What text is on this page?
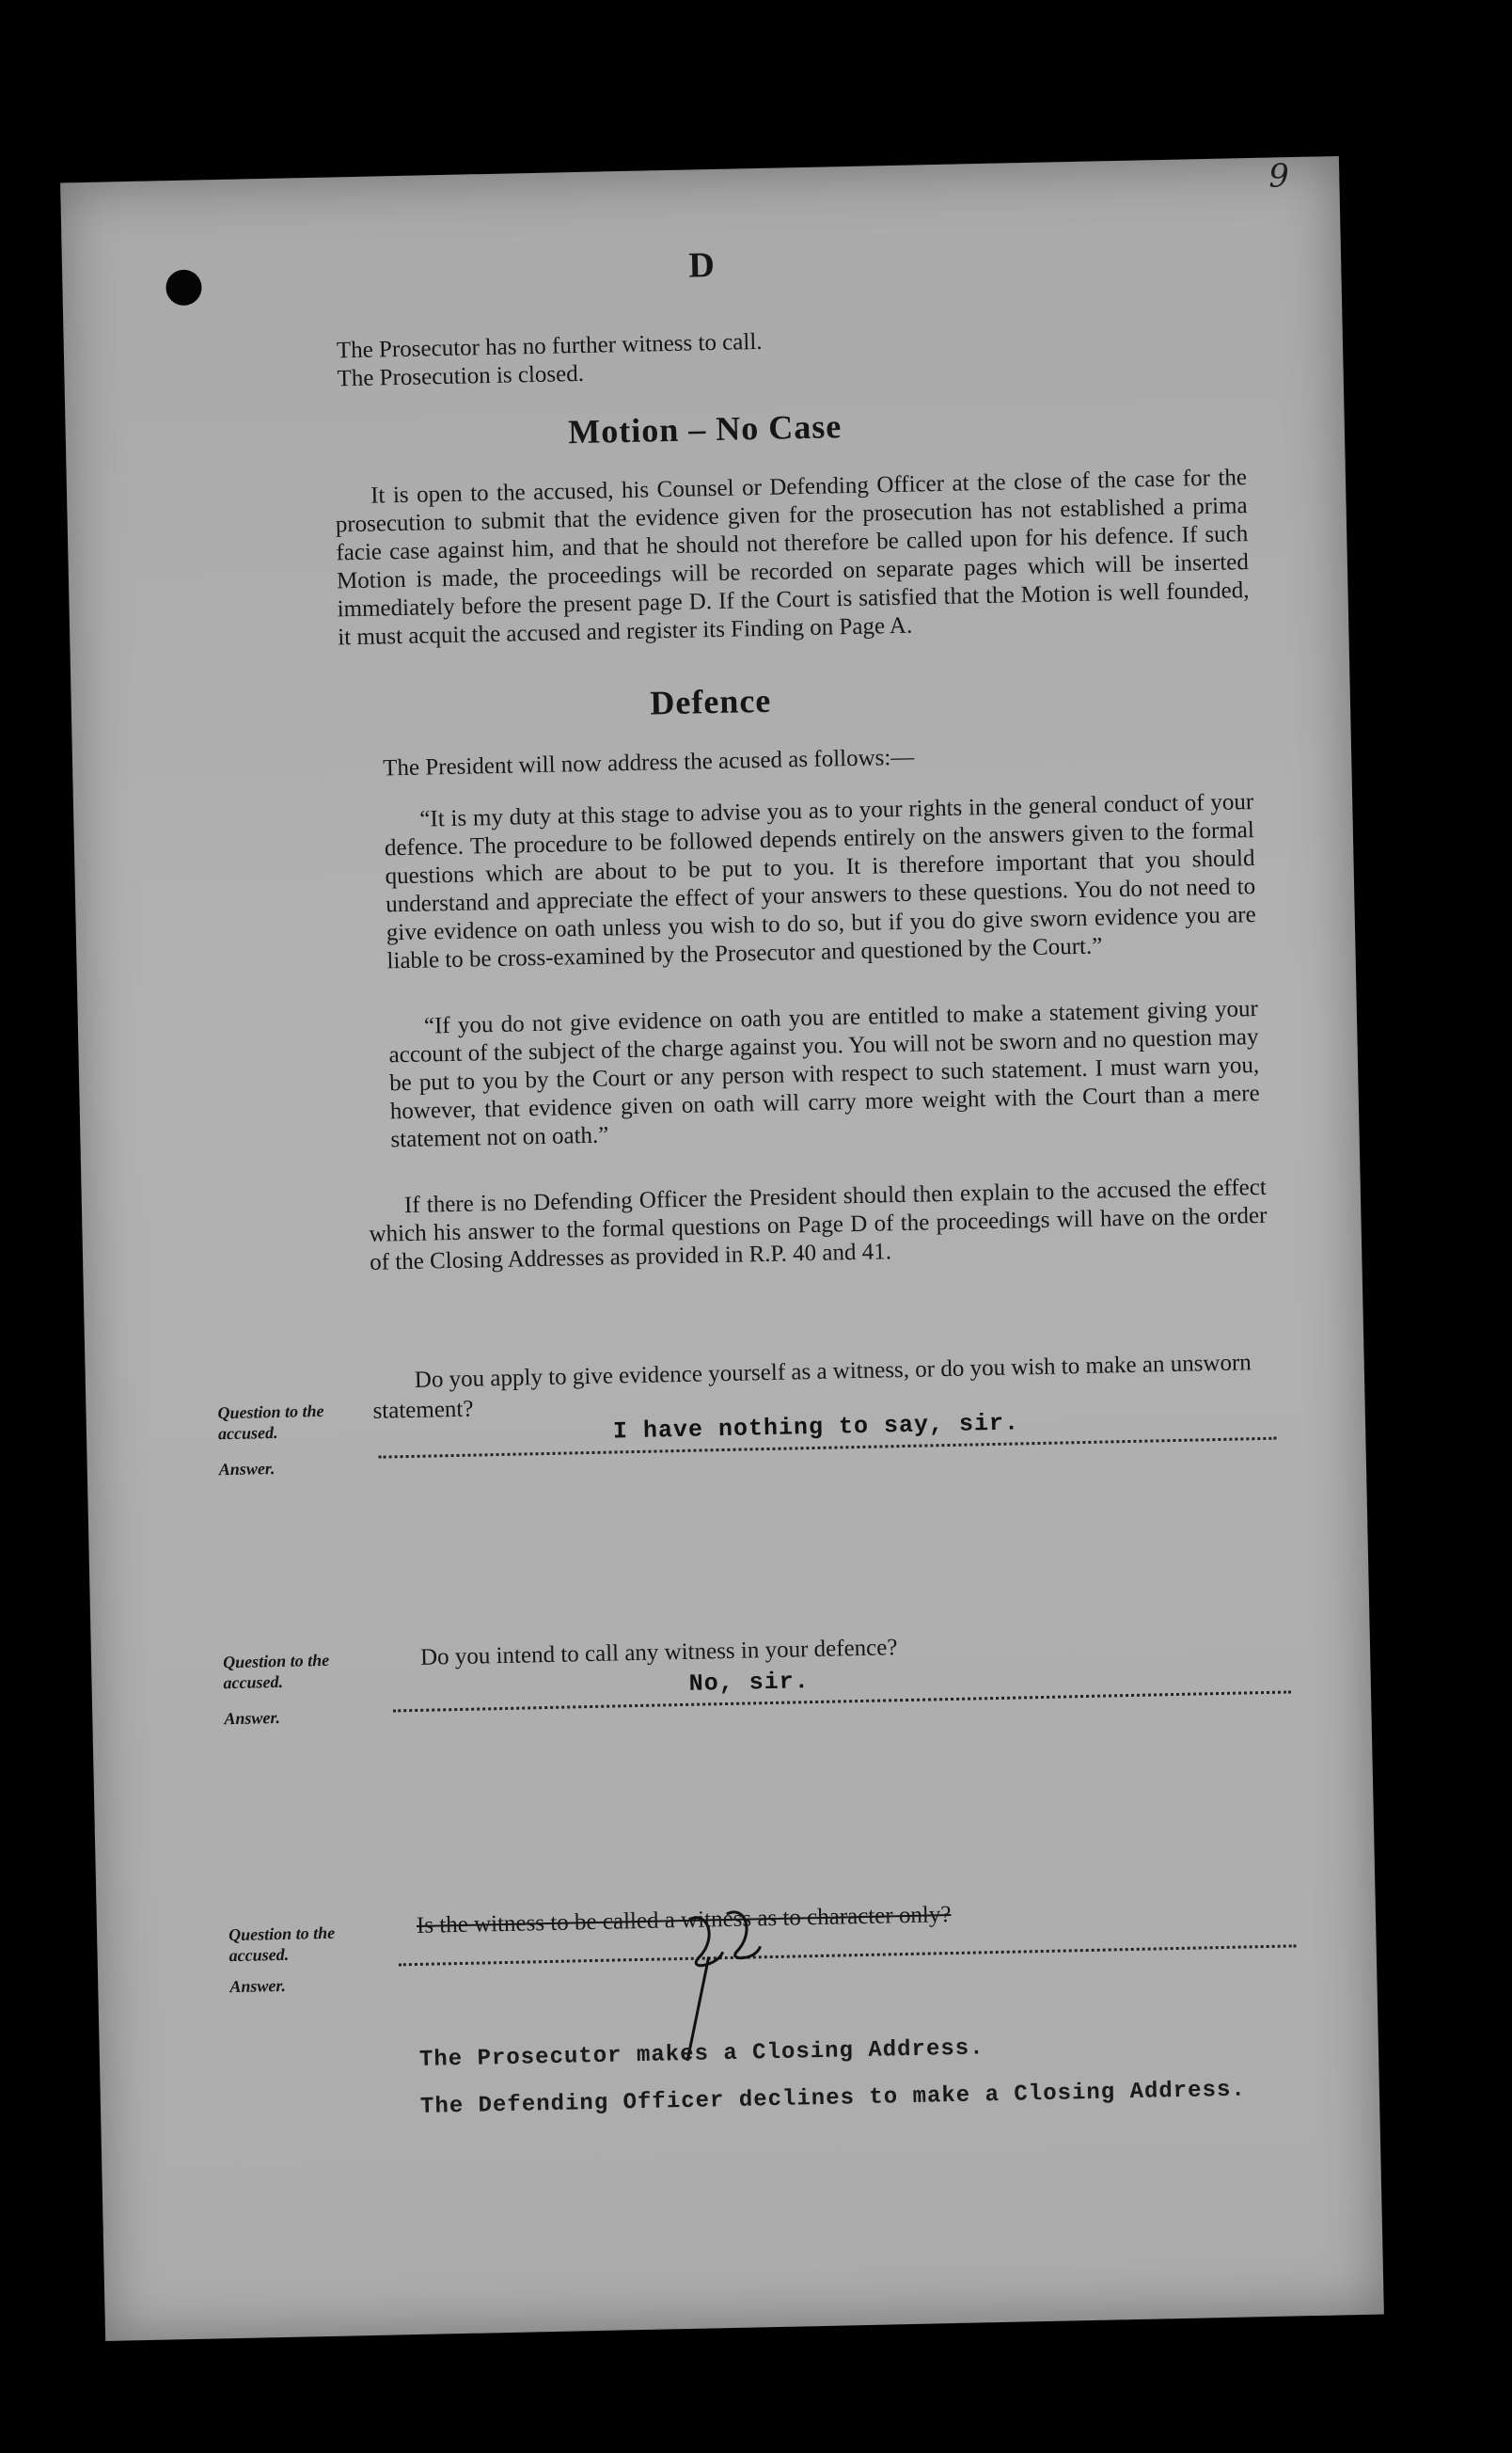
9
D
The Prosecutor has no further witness to call.
The Prosecution is closed.
Motion – No Case
It is open to the accused, his Counsel or Defending Officer at the close of the case for the prosecution to submit that the evidence given for the prosecution has not established a prima facie case against him, and that he should not therefore be called upon for his defence. If such Motion is made, the proceedings will be recorded on separate pages which will be inserted immediately before the present page D. If the Court is satisfied that the Motion is well founded, it must acquit the accused and register its Finding on Page A.
Defence
The President will now address the acused as follows:—
“It is my duty at this stage to advise you as to your rights in the general conduct of your defence. The procedure to be followed depends entirely on the answers given to the formal questions which are about to be put to you. It is therefore important that you should understand and appreciate the effect of your answers to these questions. You do not need to give evidence on oath unless you wish to do so, but if you do give sworn evidence you are liable to be cross-examined by the Prosecutor and questioned by the Court.”
“If you do not give evidence on oath you are entitled to make a statement giving your account of the subject of the charge against you. You will not be sworn and no question may be put to you by the Court or any person with respect to such statement. I must warn you, however, that evidence given on oath will carry more weight with the Court than a mere statement not on oath.”
If there is no Defending Officer the President should then explain to the accused the effect which his answer to the formal questions on Page D of the proceedings will have on the order of the Closing Addresses as provided in R.P. 40 and 41.
Question to the accused.
Answer.
Do you apply to give evidence yourself as a witness, or do you wish to make an unsworn statement?	I have nothing to say, sir.
Question to the accused.
Answer.
Do you intend to call any witness in your defence?
No, sir.
Question to the accused.
Answer.
Is the witness to be called a witness as to character only?
The Prosecutor makes a Closing Address.
The Defending Officer declines to make a Closing Address.
